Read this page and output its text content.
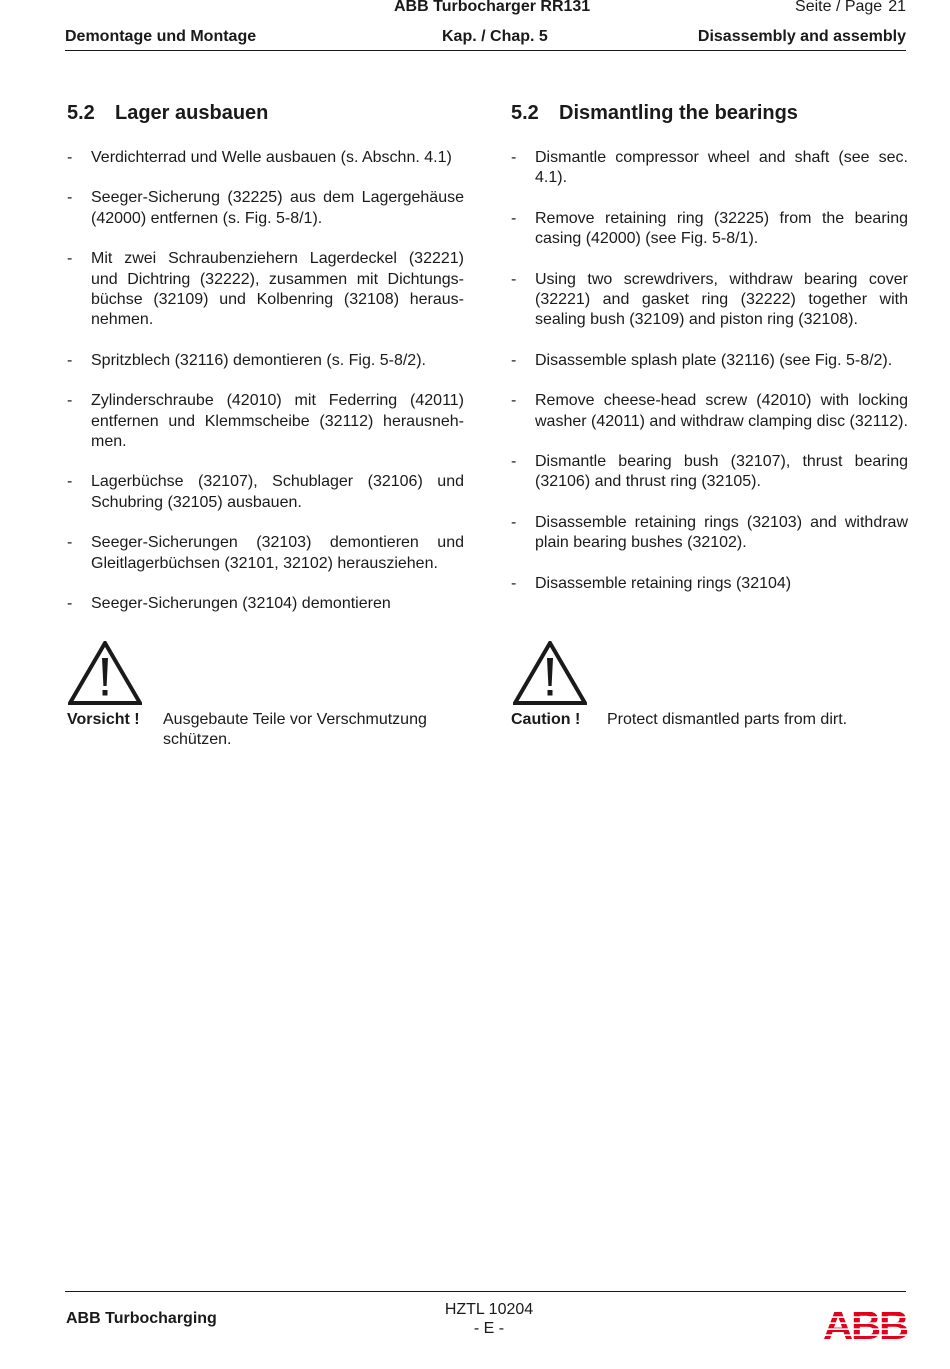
ABB Turbocharger RR131	Seite / Page 21
Demontage und Montage	Kap. / Chap. 5	Disassembly and assembly
5.2 Lager ausbauen
- Verdichterrad und Welle ausbauen (s. Abschn. 4.1)
- Seeger-Sicherung (32225) aus dem Lagergehäuse (42000) entfernen (s. Fig. 5-8/1).
- Mit zwei Schraubenziehern Lagerdeckel (32221) und Dichtring (32222), zusammen mit Dichtungsbüchse (32109) und Kolbenring (32108) herausnehmen.
- Spritzblech (32116) demontieren (s. Fig. 5-8/2).
- Zylinderschraube (42010) mit Federring (42011) entfernen und Klemmscheibe (32112) herausnehmen.
- Lagerbüchse (32107), Schublager (32106) und Schubring (32105) ausbauen.
- Seeger-Sicherungen (32103) demontieren und Gleitlagerbüchsen (32101, 32102) herausziehen.
- Seeger-Sicherungen (32104) demontieren
5.2 Dismantling the bearings
- Dismantle compressor wheel and shaft (see sec. 4.1).
- Remove retaining ring (32225) from the bearing casing (42000) (see Fig. 5-8/1).
- Using two screwdrivers, withdraw bearing cover (32221) and gasket ring (32222) together with sealing bush (32109) and piston ring (32108).
- Disassemble splash plate (32116) (see Fig. 5-8/2).
- Remove cheese-head screw (42010) with locking washer (42011) and withdraw clamping disc (32112).
- Dismantle bearing bush (32107), thrust bearing (32106) and thrust ring (32105).
- Disassemble retaining rings (32103) and withdraw plain bearing bushes (32102).
- Disassemble retaining rings (32104)
Vorsicht ! Ausgebaute Teile vor Verschmutzung schützen.
Caution ! Protect dismantled parts from dirt.
ABB Turbocharging
HZTL 10204
- E -	ABB
